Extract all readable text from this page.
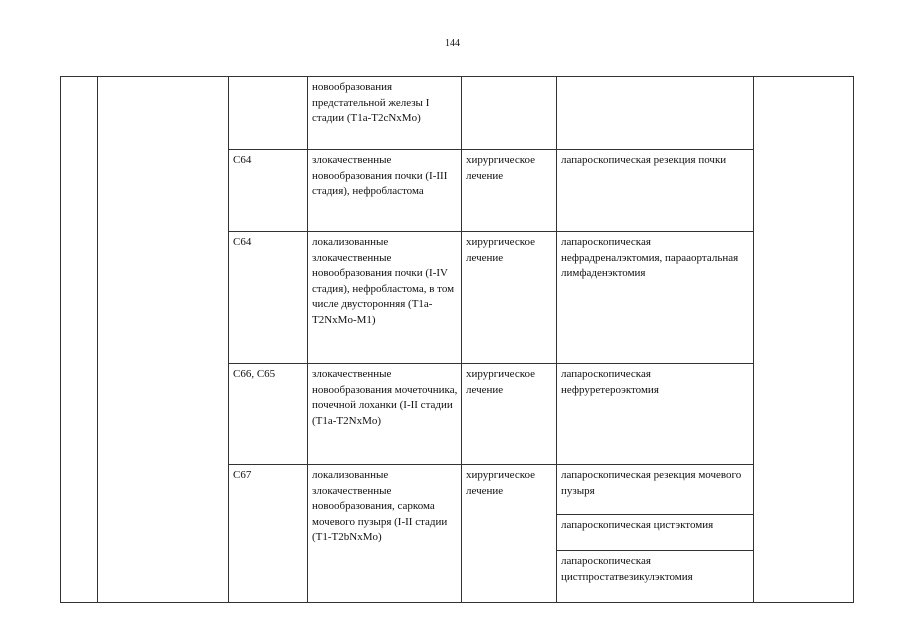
144

			новообразования предстательной железы I стадии (T1a-T2cNxMo)			

		C64	злокачественные новообразования почки (I-III стадия), нефробластома	хирургическое лечение	лапароскопическая резекция почки	

		C64	локализованные злокачественные новообразования почки (I-IV стадия), нефробластома, в том числе двусторонняя (T1a-T2NxMo-M1)	хирургическое лечение	лапароскопическая нефрадреналэктомия, парааортальная лимфаденэктомия	

		C66, C65	злокачественные новообразования мочеточника, почечной лоханки (I-II стадии (T1a-T2NxMo)	хирургическое лечение	лапароскопическая нефруретероэктомия	

		C67	локализованные злокачественные новообразования, саркома мочевого пузыря (I-II стадии (T1-T2bNxMo)	хирургическое лечение	лапароскопическая резекция мочевого пузыря	

					лапароскопическая цистэктомия	

					лапароскопическая цистпростатвезикулэктомия	
